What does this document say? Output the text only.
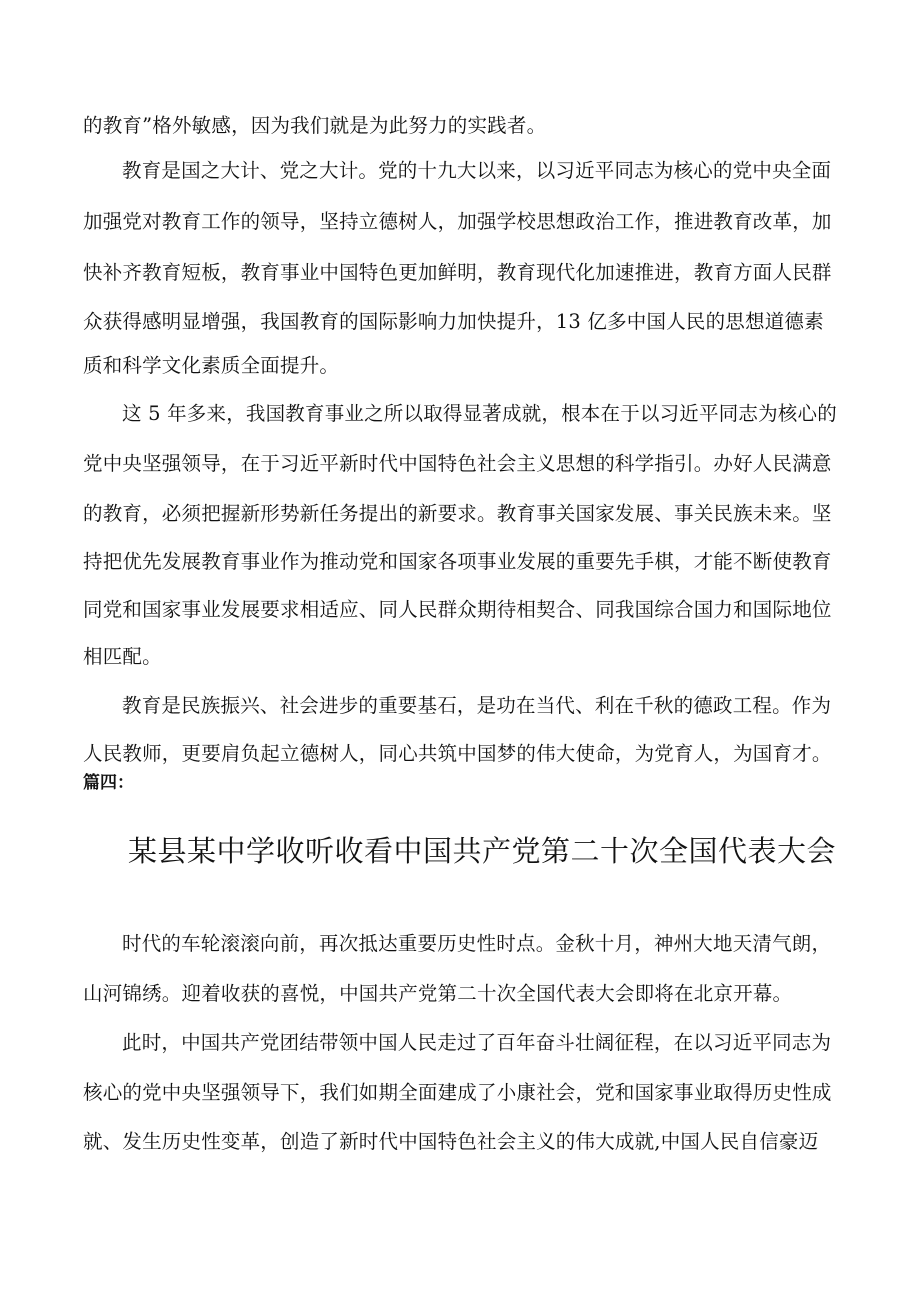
的教育”格外敏感，因为我们就是为此努力的实践者。
教育是国之大计、党之大计。党的十九大以来，以习近平同志为核心的党中央全面
加强党对教育工作的领导，坚持立德树人，加强学校思想政治工作，推进教育改革，加
快补齐教育短板，教育事业中国特色更加鲜明，教育现代化加速推进，教育方面人民群
众获得感明显增强，我国教育的国际影响力加快提升，13 亿多中国人民的思想道德素
质和科学文化素质全面提升。
这 5 年多来，我国教育事业之所以取得显著成就，根本在于以习近平同志为核心的
党中央坚强领导，在于习近平新时代中国特色社会主义思想的科学指引。办好人民满意
的教育，必须把握新形势新任务提出的新要求。教育事关国家发展、事关民族未来。坚
持把优先发展教育事业作为推动党和国家各项事业发展的重要先手棋，才能不断使教育
同党和国家事业发展要求相适应、同人民群众期待相契合、同我国综合国力和国际地位
相匹配。
教育是民族振兴、社会进步的重要基石，是功在当代、利在千秋的德政工程。作为
人民教师，更要肩负起立德树人，同心共筑中国梦的伟大使命，为党育人，为国育才。
篇四：
某县某中学收听收看中国共产党第二十次全国代表大会
时代的车轮滚滚向前，再次抵达重要历史性时点。金秋十月，神州大地天清气朗，
山河锦绣。迎着收获的喜悦，中国共产党第二十次全国代表大会即将在北京开幕。
此时，中国共产党团结带领中国人民走过了百年奋斗壮阔征程，在以习近平同志为
核心的党中央坚强领导下，我们如期全面建成了小康社会，党和国家事业取得历史性成
就、发生历史性变革，创造了新时代中国特色社会主义的伟大成就,中国人民自信豪迈
